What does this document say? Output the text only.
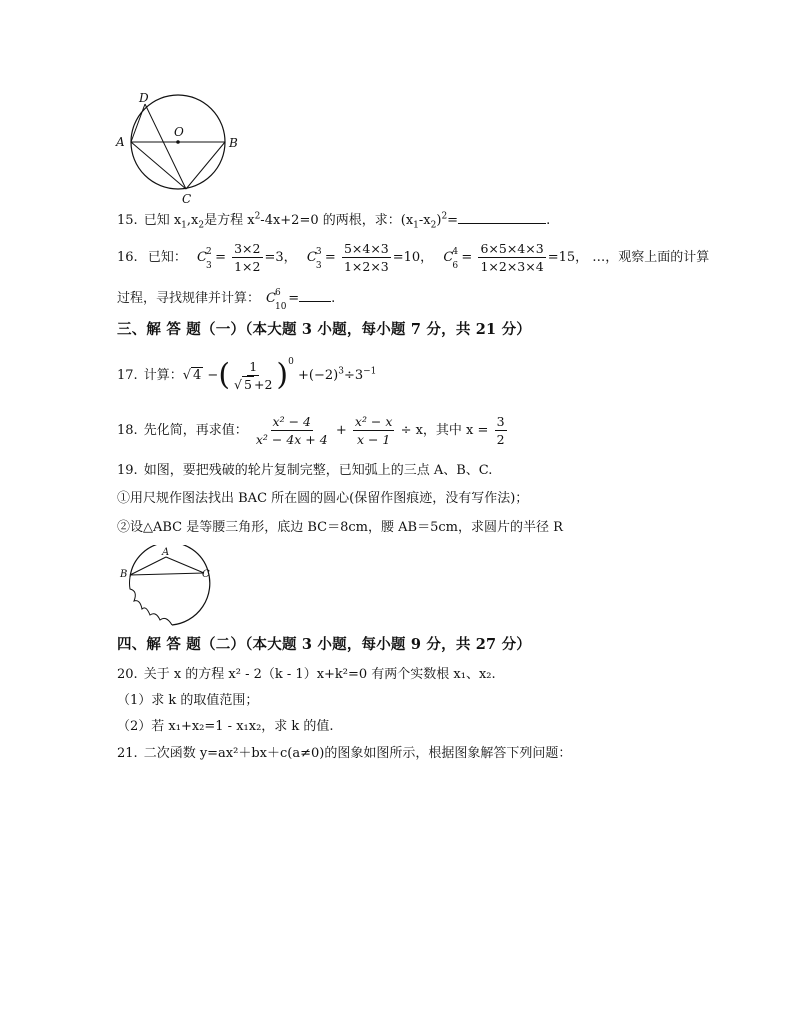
D
O
A	B
C
15. 已知 $x_1,x_2$是方程 $x^2-4x+2=0$ 的两根，求：$(x_1-x_2)^2=$	.
16. 已知： C 2
3
= $\frac{3\times 2}{1\times 2} =3$， C 3
3
= $\frac{5\times 4\times 3}{1\times 2\times 3} =10$， C 4
6
= $\frac{6\times 5\times 4\times 3}{1\times 2\times 3\times 4} =15$， …，观察上面的计算
过程，寻找规律并计算： C 6
10
= .
三、解 答 题（一）（本大题 3 小题，每小题 7 分，共 21 分）
17. 计算：√ 4 −( $\frac{1}{√ 5 +2} )^0 +(-2)^3\div 3^{-1}$
18. 先化简，再求值： $\frac{\text{x² − 4}}{\text{x² − 4x + 4}} + \frac{\text{x² − x}}{x - 1} \div x$，其中 $x = \frac{3}{2}$
19. 如图，要把残破的轮片复制完整，已知弧上的三点 A、B、C.
①用尺规作图法找出 BAC 所在圆的圆心(保留作图痕迹，没有写作法)；
②设△ABC 是等腰三角形，底边 BC＝8cm，腰 AB＝5cm，求圆片的半径 R
A
B	C
四、解 答 题（二）（本大题 3 小题，每小题 9 分，共 27 分）
20. 关于 x 的方程 x² - 2（k - 1）x+k²=0 有两个实数根 x₁、x₂.
（1）求 k 的取值范围；
（2）若 x₁+x₂=1 - x₁x₂，求 k 的值.
21. 二次函数 y=ax²＋bx＋c(a≠0)的图象如图所示，根据图象解答下列问题：
